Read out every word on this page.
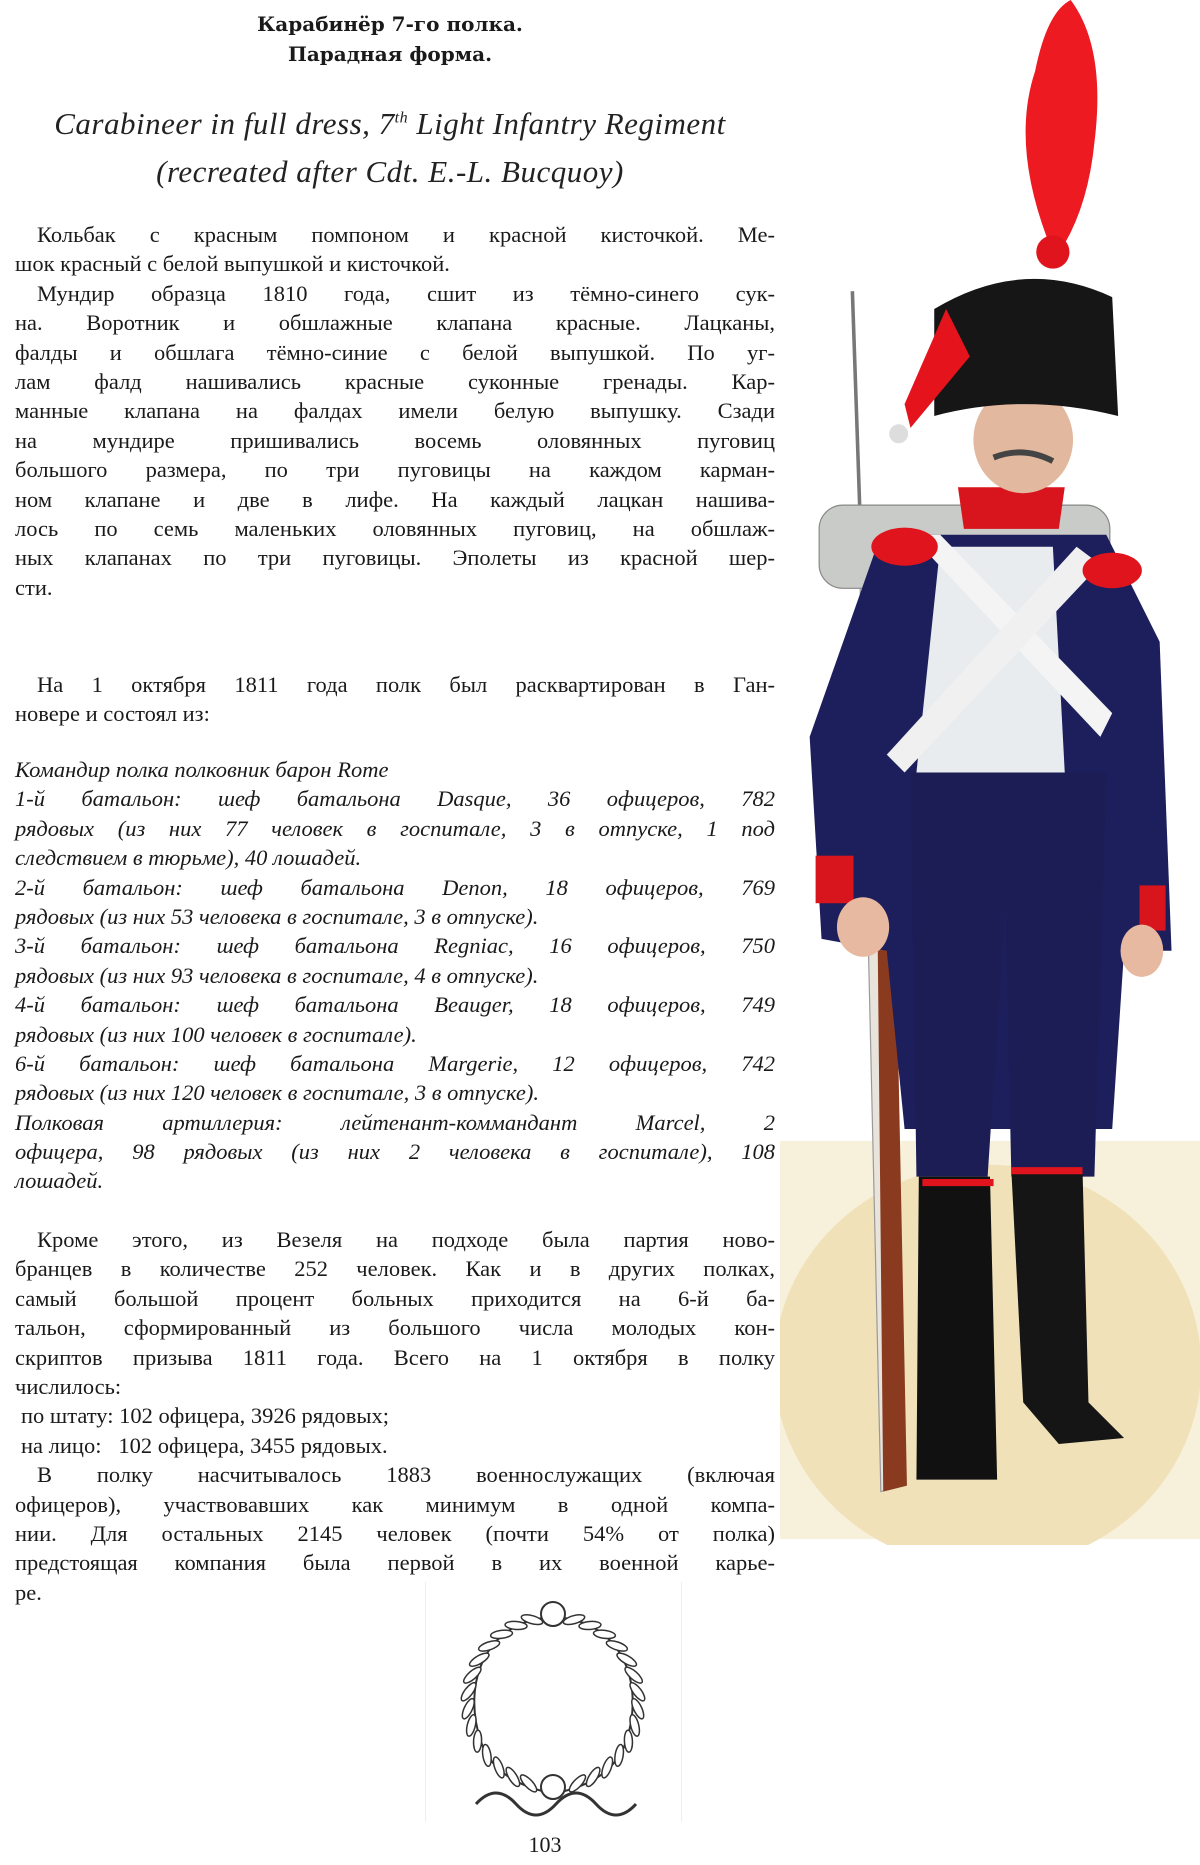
Карабинёр 7-го полка.
Парадная форма.
Carabineer in full dress, 7th Light Infantry Regiment
(recreated after Cdt. E.-L. Bucquoy)
Кольбак с красным помпоном и красной кисточкой. Ме-
шок красный с белой выпушкой и кисточкой.
Мундир образца 1810 года, сшит из тёмно-синего сук-
на. Воротник и обшлажные клапана красные. Лацканы,
фалды и обшлага тёмно-синие с белой выпушкой. По уг-
лам фалд нашивались красные суконные гренады. Кар-
манные клапана на фалдах имели белую выпушку. Сзади
на мундире пришивались восемь оловянных пуговиц
большого размера, по три пуговицы на каждом карман-
ном клапане и две в лифе. На каждый лацкан нашива-
лось по семь маленьких оловянных пуговиц, на обшлаж-
ных клапанах по три пуговицы. Эполеты из красной шер-
сти.
На 1 октября 1811 года полк был расквартирован в Ган-
новере и состоял из:
Командир полка полковник барон Rome
1-й батальон: шеф батальона Dasque, 36 офицеров, 782
рядовых (из них 77 человек в госпитале, 3 в отпуске, 1 под
следствием в тюрьме), 40 лошадей.
2-й батальон: шеф батальона Denon, 18 офицеров, 769
рядовых (из них 53 человека в госпитале, 3 в отпуске).
3-й батальон: шеф батальона Regniac, 16 офицеров, 750
рядовых (из них 93 человека в госпитале, 4 в отпуске).
4-й батальон: шеф батальона Beauger, 18 офицеров, 749
рядовых (из них 100 человек в госпитале).
6-й батальон: шеф батальона Margerie, 12 офицеров, 742
рядовых (из них 120 человек в госпитале, 3 в отпуске).
Полковая артиллерия: лейтенант-коммандант Marcel, 2
офицера, 98 рядовых (из них 2 человека в госпитале), 108
лошадей.
Кроме этого, из Везеля на подходе была партия ново-
бранцев в количестве 252 человек. Как и в других полках,
самый большой процент больных приходится на 6-й ба-
тальон, сформированный из большого числа молодых кон-
скриптов призыва 1811 года. Всего на 1 октября в полку
числилось:
по штату: 102 офицера, 3926 рядовых;
на лицо:   102 офицера, 3455 рядовых.
В полку насчитывалось 1883 военнослужащих (включая
офицеров), участвовавших как минимум в одной компа-
нии. Для остальных 2145 человек (почти 54% от полка)
предстоящая компания была первой в их военной карье-
ре.
103
